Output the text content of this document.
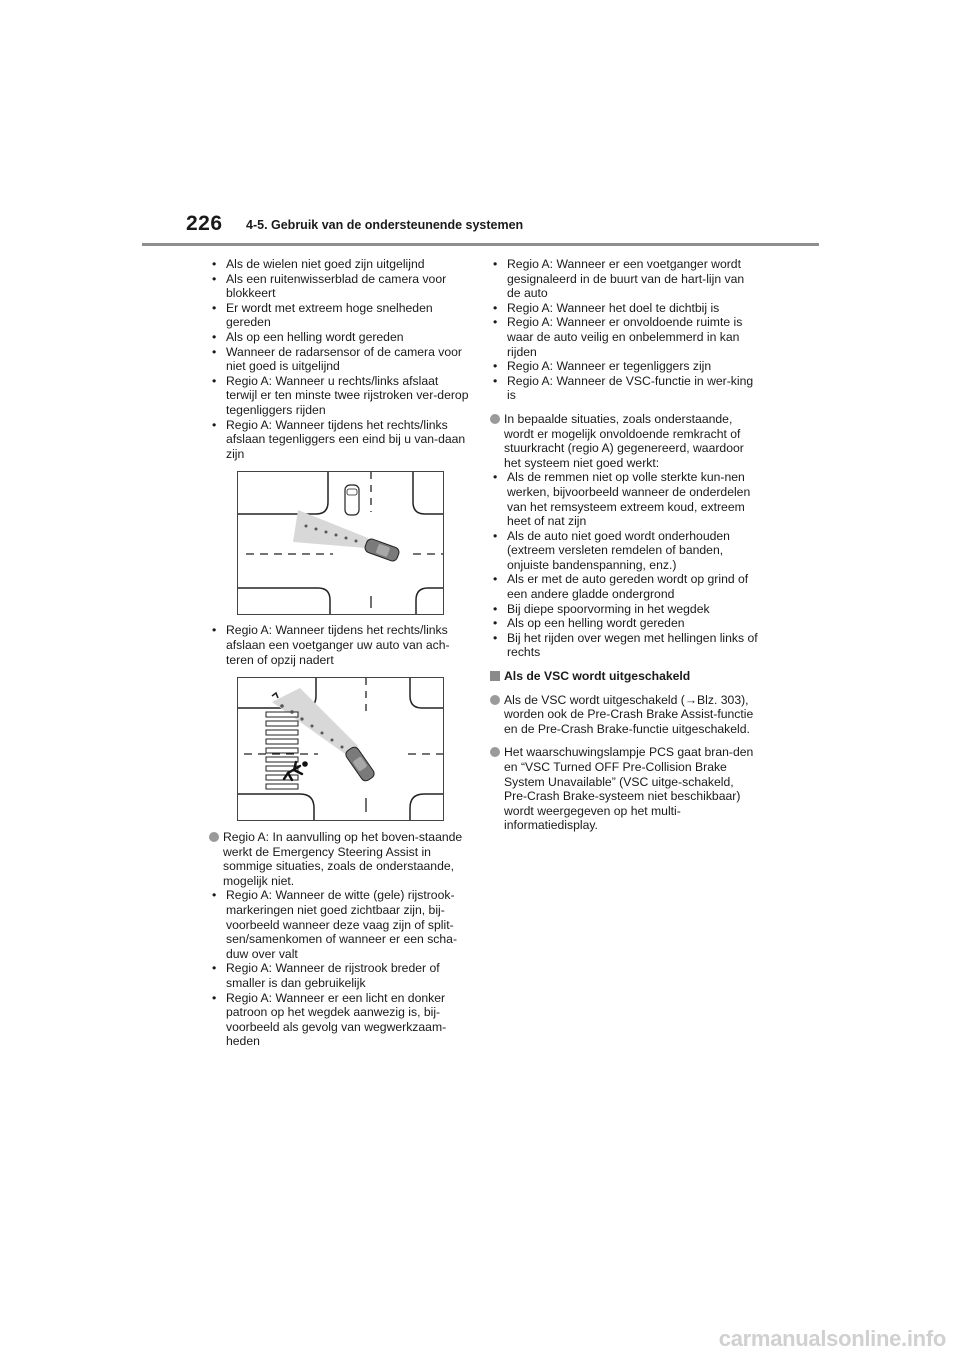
226 4-5. Gebruik van de ondersteunende systemen
• Als de wielen niet goed zijn uitgelijnd
• Als een ruitenwisserblad de camera voor blokkeert
• Er wordt met extreem hoge snelheden gereden
• Als op een helling wordt gereden
• Wanneer de radarsensor of de camera voor niet goed is uitgelijnd
• Regio A: Wanneer u rechts/links afslaat terwijl er ten minste twee rijstroken ver-derop tegenliggers rijden
• Regio A: Wanneer tijdens het rechts/links afslaan tegenliggers een eind bij u van-daan zijn
• Regio A: Wanneer tijdens het rechts/links afslaan een voetganger uw auto van ach-teren of opzij nadert
Regio A: In aanvulling op het boven-staande werkt de Emergency Steering Assist in sommige situaties, zoals de onderstaande, mogelijk niet.
• Regio A: Wanneer de witte (gele) rijstrook-markeringen niet goed zichtbaar zijn, bij-voorbeeld wanneer deze vaag zijn of split-sen/samenkomen of wanneer er een scha-duw over valt
• Regio A: Wanneer de rijstrook breder of smaller is dan gebruikelijk
• Regio A: Wanneer er een licht en donker patroon op het wegdek aanwezig is, bij-voorbeeld als gevolg van wegwerkzaam-heden
• Regio A: Wanneer er een voetganger wordt gesignaleerd in de buurt van de hart-lijn van de auto
• Regio A: Wanneer het doel te dichtbij is
• Regio A: Wanneer er onvoldoende ruimte is waar de auto veilig en onbelemmerd in kan rijden
• Regio A: Wanneer er tegenliggers zijn
• Regio A: Wanneer de VSC-functie in wer-king is
In bepaalde situaties, zoals onderstaande, wordt er mogelijk onvoldoende remkracht of stuurkracht (regio A) gegenereerd, waardoor het systeem niet goed werkt:
• Als de remmen niet op volle sterkte kun-nen werken, bijvoorbeeld wanneer de onderdelen van het remsysteem extreem koud, extreem heet of nat zijn
• Als de auto niet goed wordt onderhouden (extreem versleten remdelen of banden, onjuiste bandenspanning, enz.)
• Als er met de auto gereden wordt op grind of een andere gladde ondergrond
• Bij diepe spoorvorming in het wegdek
• Als op een helling wordt gereden
• Bij het rijden over wegen met hellingen links of rechts
Als de VSC wordt uitgeschakeld
Als de VSC wordt uitgeschakeld (→Blz. 303), worden ook de Pre-Crash Brake Assist-functie en de Pre-Crash Brake-functie uitgeschakeld.
Het waarschuwingslampje PCS gaat bran-den en “VSC Turned OFF Pre-Collision Brake System Unavailable” (VSC uitge-schakeld, Pre-Crash Brake-systeem niet beschikbaar) wordt weergegeven op het multi-informatiedisplay.
carmanualsonline.info
